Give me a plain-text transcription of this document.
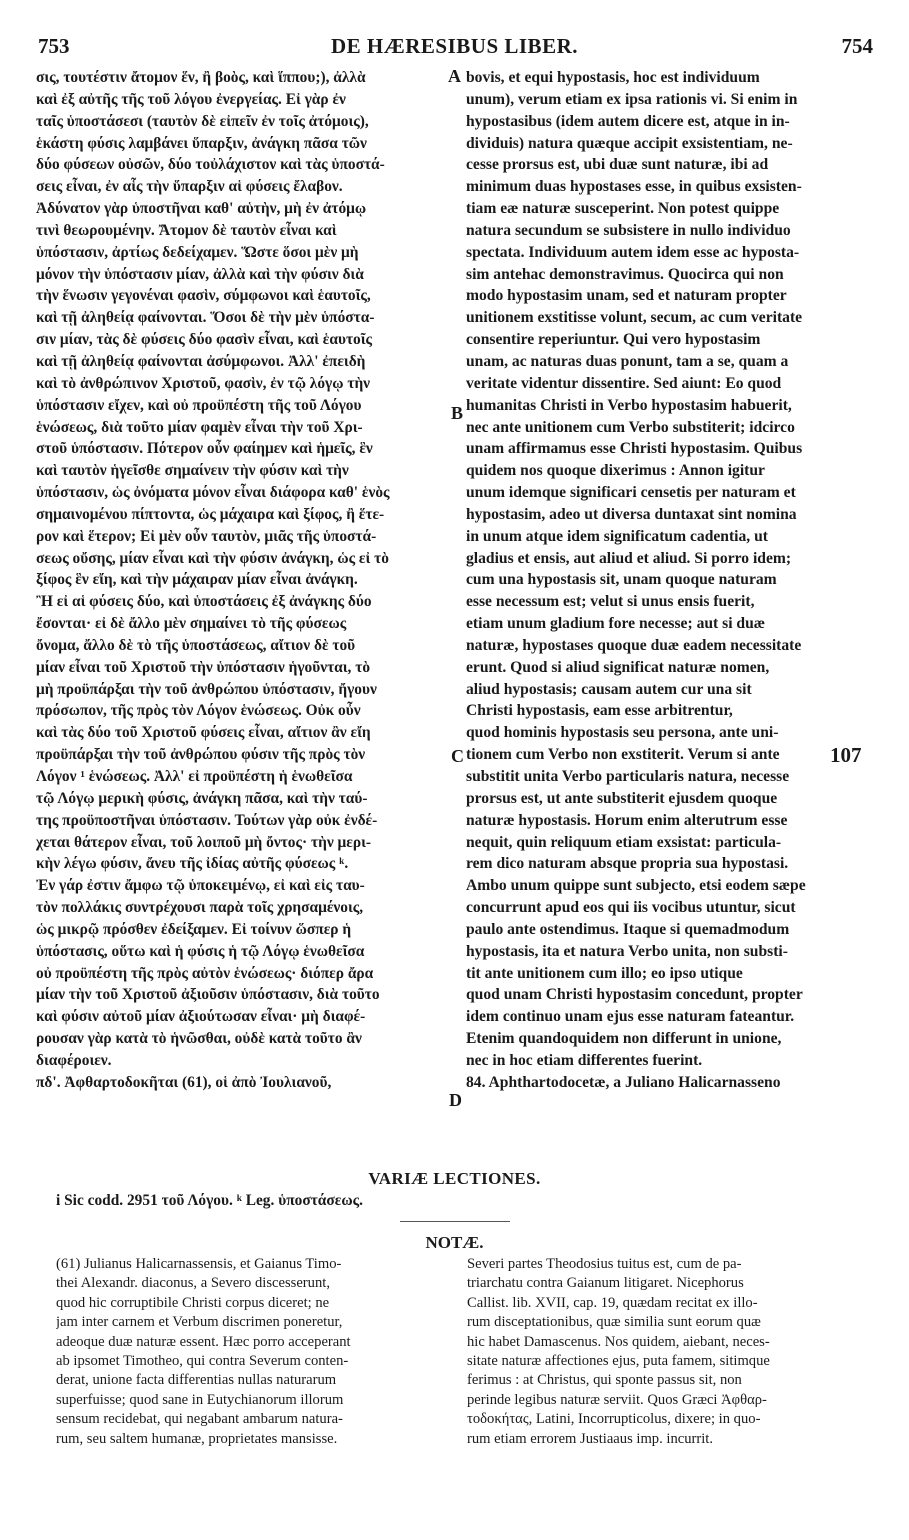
753	DE HÆRESIBUS LIBER.	754
σις, τουτέστιν ἄτομον ἕν, ἢ βοὸς, καὶ ἵππου;), ἀλλὰ
καὶ ἐξ αὐτῆς τῆς τοῦ λόγου ἐνεργείας. Εἰ γὰρ ἐν
ταῖς ὑποστάσεσι (ταυτὸν δὲ εἰπεῖν ἐν τοῖς ἀτόμοις),
ἑκάστη φύσις λαμβάνει ὕπαρξιν, ἀνάγκη πᾶσα τῶν
δύο φύσεων οὐσῶν, δύο τοὐλάχιστον καὶ τὰς ὑποστά-
σεις εἶναι, ἐν αἷς τὴν ὕπαρξιν αἱ φύσεις ἔλαβον.
Ἀδύνατον γὰρ ὑποστῆναι καθ' αὑτὴν, μὴ ἐν ἀτόμῳ
τινὶ θεωρουμένην. Ἄτομον δὲ ταυτὸν εἶναι καὶ
ὑπόστασιν, ἀρτίως δεδείχαμεν. Ὥστε ὅσοι μὲν μὴ
μόνον τὴν ὑπόστασιν μίαν, ἀλλὰ καὶ τὴν φύσιν διὰ
τὴν ἕνωσιν γεγονέναι φασὶν, σύμφωνοι καὶ ἑαυτοῖς,
καὶ τῇ ἀληθείᾳ φαίνονται. Ὅσοι δὲ τὴν μὲν ὑπόστα-
σιν μίαν, τὰς δὲ φύσεις δύο φασὶν εἶναι, καὶ ἑαυτοῖς
καὶ τῇ ἀληθείᾳ φαίνονται ἀσύμφωνοι. Ἀλλ' ἐπειδὴ
καὶ τὸ ἀνθρώπινον Χριστοῦ, φασὶν, ἐν τῷ λόγῳ τὴν
ὑπόστασιν εἴχεν, καὶ οὐ προϋπέστη τῆς τοῦ Λόγου
ἑνώσεως, διὰ τοῦτο μίαν φαμὲν εἶναι τὴν τοῦ Χρι-
στοῦ ὑπόστασιν. Πότερον οὖν φαίημεν καὶ ἡμεῖς, ἓν
καὶ ταυτὸν ἡγεῖσθε σημαίνειν τὴν φύσιν καὶ τὴν
ὑπόστασιν, ὡς ὀνόματα μόνον εἶναι διάφορα καθ' ἑνὸς
σημαινομένου πίπτοντα, ὡς μάχαιρα καὶ ξίφος, ἢ ἕτε-
ρον καὶ ἕτερον; Εἰ μὲν οὖν ταυτὸν, μιᾶς τῆς ὑποστά-
σεως οὔσης, μίαν εἶναι καὶ τὴν φύσιν ἀνάγκη, ὡς εἰ τὸ
ξίφος ἓν εἴη, καὶ τὴν μάχαιραν μίαν εἶναι ἀνάγκη.
Ἢ εἰ αἱ φύσεις δύο, καὶ ὑποστάσεις ἐξ ἀνάγκης δύο
ἔσονται· εἰ δὲ ἄλλο μὲν σημαίνει τὸ τῆς φύσεως
ὄνομα, ἄλλο δὲ τὸ τῆς ὑποστάσεως, αἴτιον δὲ τοῦ
μίαν εἶναι τοῦ Χριστοῦ τὴν ὑπόστασιν ἡγοῦνται, τὸ
μὴ προϋπάρξαι τὴν τοῦ ἀνθρώπου ὑπόστασιν, ἤγουν
πρόσωπον, τῆς πρὸς τὸν Λόγον ἑνώσεως. Οὐκ οὖν
καὶ τὰς δύο τοῦ Χριστοῦ φύσεις εἶναι, αἴτιον ἂν εἴη
προϋπάρξαι τὴν τοῦ ἀνθρώπου φύσιν τῆς πρὸς τὸν
Λόγον ¹ ἑνώσεως. Ἀλλ' εἰ προϋπέστη ἡ ἑνωθεῖσα
τῷ Λόγῳ μερικὴ φύσις, ἀνάγκη πᾶσα, καὶ τὴν ταύ-
της προϋποστῆναι ὑπόστασιν. Τούτων γὰρ οὐκ ἐνδέ-
χεται θάτερον εἶναι, τοῦ λοιποῦ μὴ ὄντος· τὴν μερι-
κὴν λέγω φύσιν, ἄνευ τῆς ἰδίας αὐτῆς φύσεως ᵏ.
Ἐν γάρ ἐστιν ἄμφω τῷ ὑποκειμένῳ, εἰ καὶ εἰς ταυ-
τὸν πολλάκις συντρέχουσι παρὰ τοῖς χρησαμένοις,
ὡς μικρῷ πρόσθεν ἐδείξαμεν. Εἰ τοίνυν ὥσπερ ἡ
ὑπόστασις, οὕτω καὶ ἡ φύσις ἡ τῷ Λόγῳ ἑνωθεῖσα
οὐ προϋπέστη τῆς πρὸς αὐτὸν ἑνώσεως· διόπερ ἄρα
μίαν τὴν τοῦ Χριστοῦ ἀξιοῦσιν ὑπόστασιν, διὰ τοῦτο
καὶ φύσιν αὐτοῦ μίαν ἀξιούτωσαν εἶναι· μὴ διαφέ-
ρουσαν γὰρ κατὰ τὸ ἡνῶσθαι, οὐδὲ κατὰ τοῦτο ἂν
διαφέροιεν.
πδ'. Ἀφθαρτοδοκῆται (61), οἱ ἀπὸ Ἰουλιανοῦ,
bovis, et equi hypostasis, hoc est individuum
unum), verum etiam ex ipsa rationis vi. Si enim in
hypostasibus (idem autem dicere est, atque in in-
dividuis) natura quæque accipit exsistentiam, ne-
cesse prorsus est, ubi duæ sunt naturæ, ibi ad
minimum duas hypostases esse, in quibus exsisten-
tiam eæ naturæ susceperint. Non potest quippe
natura secundum se subsistere in nullo individuo
spectata. Individuum autem idem esse ac hyposta-
sim antehac demonstravimus. Quocirca qui non
modo hypostasim unam, sed et naturam propter
unitionem exstitisse volunt, secum, ac cum veritate
consentire reperiuntur. Qui vero hypostasim
unam, ac naturas duas ponunt, tam a se, quam a
veritate videntur dissentire. Sed aiunt: Eo quod
humanitas Christi in Verbo hypostasim habuerit,
nec ante unitionem cum Verbo substiterit; idcirco
unam affirmamus esse Christi hypostasim. Quibus
quidem nos quoque dixerimus : Annon igitur
unum idemque significari censetis per naturam et
hypostasim, adeo ut diversa duntaxat sint nomina
in unum atque idem significatum cadentia, ut
gladius et ensis, aut aliud et aliud. Si porro idem;
cum una hypostasis sit, unam quoque naturam
esse necessum est; velut si unus ensis fuerit,
etiam unum gladium fore necesse; aut si duæ
naturæ, hypostases quoque duæ eadem necessitate
erunt. Quod si aliud significat naturæ nomen,
aliud hypostasis; causam autem cur una sit
Christi hypostasis, eam esse arbitrentur,
quod hominis hypostasis seu persona, ante uni-
tionem cum Verbo non exstiterit. Verum si ante
substitit unita Verbo particularis natura, necesse
prorsus est, ut ante substiterit ejusdem quoque
naturæ hypostasis. Horum enim alterutrum esse
nequit, quin reliquum etiam exsistat: particula-
rem dico naturam absque propria sua hypostasi.
Ambo unum quippe sunt subjecto, etsi eodem sæpe
concurrunt apud eos qui iis vocibus utuntur, sicut
paulo ante ostendimus. Itaque si quemadmodum
hypostasis, ita et natura Verbo unita, non substi-
tit ante unitionem cum illo; eo ipso utique
quod unam Christi hypostasim concedunt, propter
idem continuo unam ejus esse naturam fateantur.
Etenim quandoquidem non differunt in unione,
nec in hoc etiam differentes fuerint.
84. Aphthartodocetæ, a Juliano Halicarnasseno
A
B
C
D
107
VARIÆ LECTIONES.
i Sic codd. 2951 τοῦ Λόγου. ᵏ Leg. ὑποστάσεως.
NOTÆ.
(61) Julianus Halicarnassensis, et Gaianus Timo-
thei Alexandr. diaconus, a Severo discesserunt,
quod hic corruptibile Christi corpus diceret; ne
jam inter carnem et Verbum discrimen poneretur,
adeoque duæ naturæ essent. Hæc porro acceperant
ab ipsomet Timotheo, qui contra Severum conten-
derat, unione facta differentias nullas naturarum
superfuisse; quod sane in Eutychianorum illorum
sensum recidebat, qui negabant ambarum natura-
rum, seu saltem humanæ, proprietates mansisse.
Severi partes Theodosius tuitus est, cum de pa-
triarchatu contra Gaianum litigaret. Nicephorus
Callist. lib. XVII, cap. 19, quædam recitat ex illo-
rum disceptationibus, quæ similia sunt eorum quæ
hic habet Damascenus. Nos quidem, aiebant, neces-
sitate naturæ affectiones ejus, puta famem, sitimque
ferimus : at Christus, qui sponte passus sit, non
perinde legibus naturæ serviit. Quos Græci Ἀφθαρ-
τοδοκήτας, Latini, Incorrupticolus, dixere; in quo-
rum etiam errorem Justiaaus imp. incurrit.
